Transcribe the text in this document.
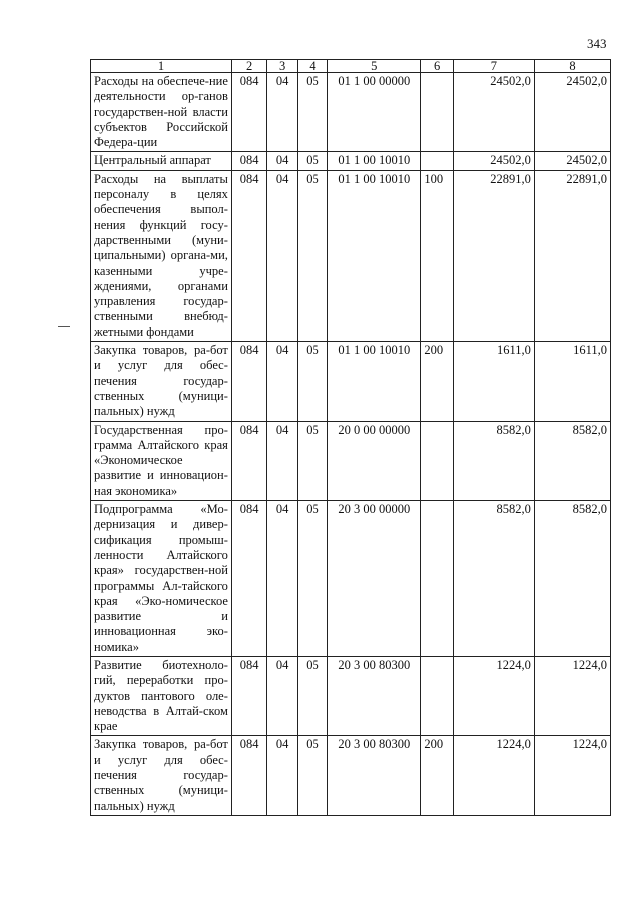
343
1	2	3	4	5	6	7	8
Расходы на обеспече-ние деятельности ор-ганов государствен-ной власти субъектов Российской Федера-ции	084	04	05	01 1 00 00000		24502,0	24502,0
Центральный аппарат	084	04	05	01 1 00 10010		24502,0	24502,0
Расходы на выплаты персоналу в целях обеспечения выпол-нения функций госу-дарственными (муни-ципальными) органа-ми, казенными учре-ждениями, органами управления государ-ственными внебюд-жетными фондами	084	04	05	01 1 00 10010	100	22891,0	22891,0
Закупка товаров, ра-бот и услуг для обес-печения государ-ственных (муници-пальных) нужд	084	04	05	01 1 00 10010	200	1611,0	1611,0
Государственная про-грамма Алтайского края «Экономическое развитие и инновацион-ная экономика»	084	04	05	20 0 00 00000		8582,0	8582,0
Подпрограмма «Мо-дернизация и дивер-сификация промыш-ленности Алтайского края» государствен-ной программы Ал-тайского края «Эко-номическое развитие и инновационная эко-номика»	084	04	05	20 3 00 00000		8582,0	8582,0
Развитие биотехноло-гий, переработки про-дуктов пантового оле-неводства в Алтай-ском крае	084	04	05	20 3 00 80300		1224,0	1224,0
Закупка товаров, ра-бот и услуг для обес-печения государ-ственных (муници-пальных) нужд	084	04	05	20 3 00 80300	200	1224,0	1224,0
